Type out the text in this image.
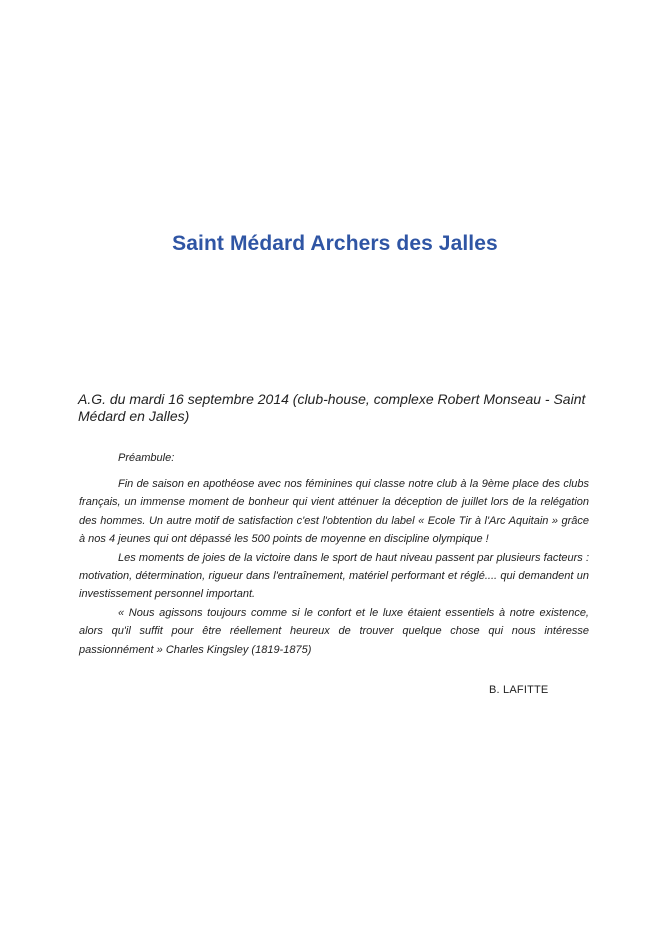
Saint Médard Archers des Jalles
A.G. du mardi 16 septembre 2014 (club-house, complexe Robert Monseau - Saint Médard en Jalles)
Préambule:

Fin de saison en apothéose avec nos féminines qui classe notre club à la 9ème place des clubs français, un immense moment de bonheur qui vient atténuer la déception de juillet lors de la relégation des hommes. Un autre motif de satisfaction c'est l'obtention du label « Ecole Tir à l'Arc Aquitain » grâce à nos 4 jeunes qui ont dépassé les 500 points de moyenne en discipline olympique !

Les moments de joies de la victoire dans le sport de haut niveau passent par plusieurs facteurs : motivation, détermination, rigueur dans l'entraînement, matériel performant et réglé.... qui demandent un investissement personnel important.

« Nous agissons toujours comme si le confort et le luxe étaient essentiels à notre existence, alors qu'il suffit pour être réellement heureux de trouver quelque chose qui nous intéresse passionnément » Charles Kingsley (1819-1875)

B. LAFITTE
